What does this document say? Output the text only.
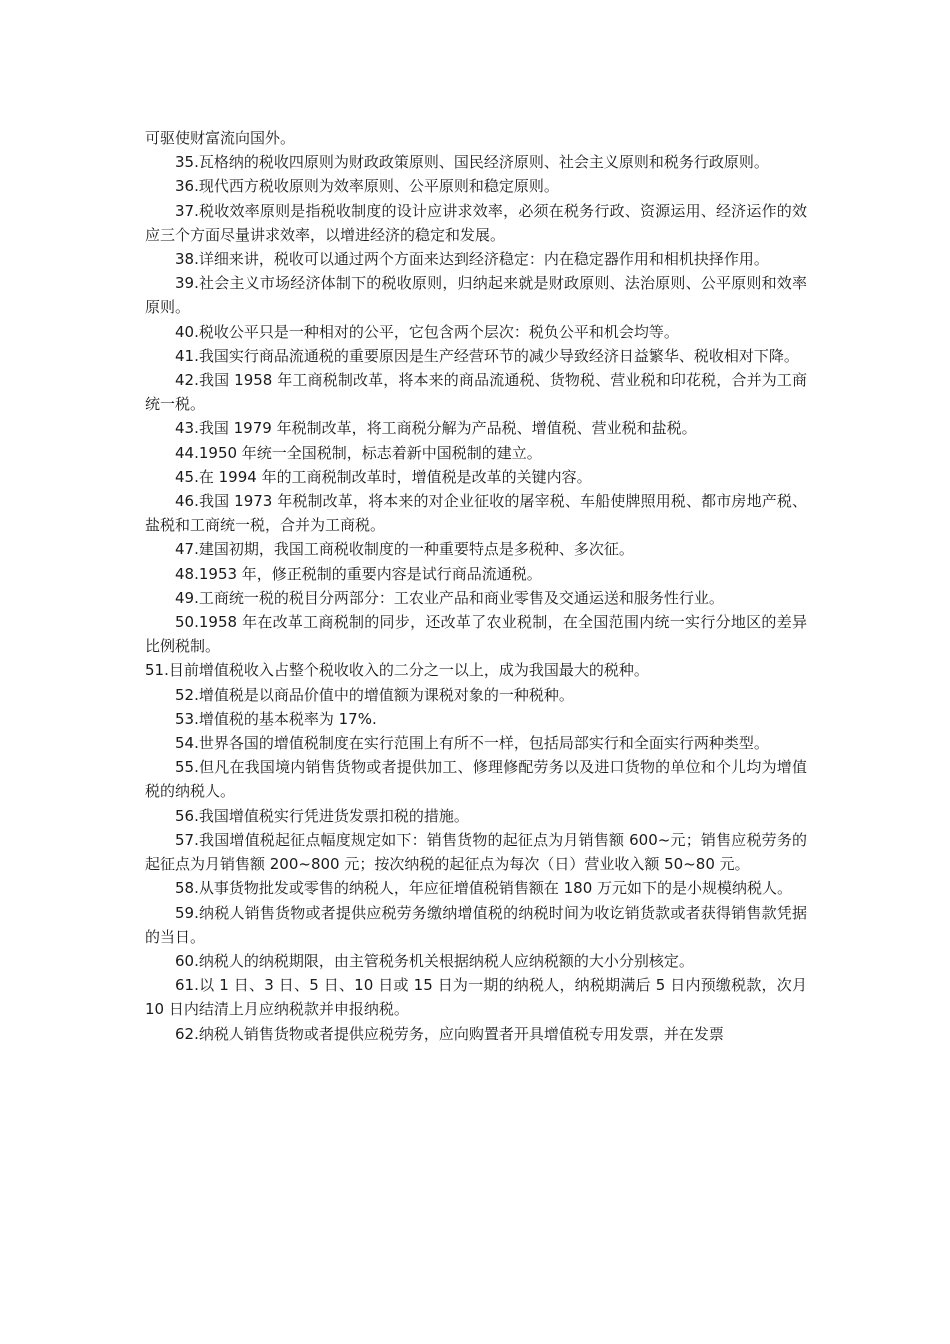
可驱使财富流向国外。

35.瓦格纳的税收四原则为财政政策原则、国民经济原则、社会主义原则和税务行政原则。

36.现代西方税收原则为效率原则、公平原则和稳定原则。

37.税收效率原则是指税收制度的设计应讲求效率，必须在税务行政、资源运用、经济运作的效应三个方面尽量讲求效率，以增进经济的稳定和发展。

38.详细来讲，税收可以通过两个方面来达到经济稳定：内在稳定器作用和相机抉择作用。

39.社会主义市场经济体制下的税收原则，归纳起来就是财政原则、法治原则、公平原则和效率原则。

40.税收公平只是一种相对的公平，它包含两个层次：税负公平和机会均等。

41.我国实行商品流通税的重要原因是生产经营环节的减少导致经济日益繁华、税收相对下降。

42.我国 1958 年工商税制改革，将本来的商品流通税、货物税、营业税和印花税，合并为工商统一税。

43.我国 1979 年税制改革，将工商税分解为产品税、增值税、营业税和盐税。

44.1950 年统一全国税制，标志着新中国税制的建立。

45.在 1994 年的工商税制改革时，增值税是改革的关键内容。

46.我国 1973 年税制改革，将本来的对企业征收的屠宰税、车船使牌照用税、都市房地产税、盐税和工商统一税，合并为工商税。

47.建国初期，我国工商税收制度的一种重要特点是多税种、多次征。

48.1953 年，修正税制的重要内容是试行商品流通税。

49.工商统一税的税目分两部分：工农业产品和商业零售及交通运送和服务性行业。

50.1958 年在改革工商税制的同步，还改革了农业税制，在全国范围内统一实行分地区的差异比例税制。

51.目前增值税收入占整个税收收入的二分之一以上，成为我国最大的税种。

52.增值税是以商品价值中的增值额为课税对象的一种税种。

53.增值税的基本税率为 17%.

54.世界各国的增值税制度在实行范围上有所不一样，包括局部实行和全面实行两种类型。

55.但凡在我国境内销售货物或者提供加工、修理修配劳务以及进口货物的单位和个儿均为增值税的纳税人。

56.我国增值税实行凭进货发票扣税的措施。

57.我国增值税起征点幅度规定如下：销售货物的起征点为月销售额 600~元；销售应税劳务的起征点为月销售额 200~800 元；按次纳税的起征点为每次（日）营业收入额 50~80 元。

58.从事货物批发或零售的纳税人，年应征增值税销售额在 180 万元如下的是小规模纳税人。

59.纳税人销售货物或者提供应税劳务缴纳增值税的纳税时间为收讫销货款或者获得销售款凭据的当日。

60.纳税人的纳税期限，由主管税务机关根据纳税人应纳税额的大小分别核定。

61.以 1 日、3 日、5 日、10 日或 15 日为一期的纳税人，纳税期满后 5 日内预缴税款，次月 10 日内结清上月应纳税款并申报纳税。

62.纳税人销售货物或者提供应税劳务，应向购置者开具增值税专用发票，并在发票
